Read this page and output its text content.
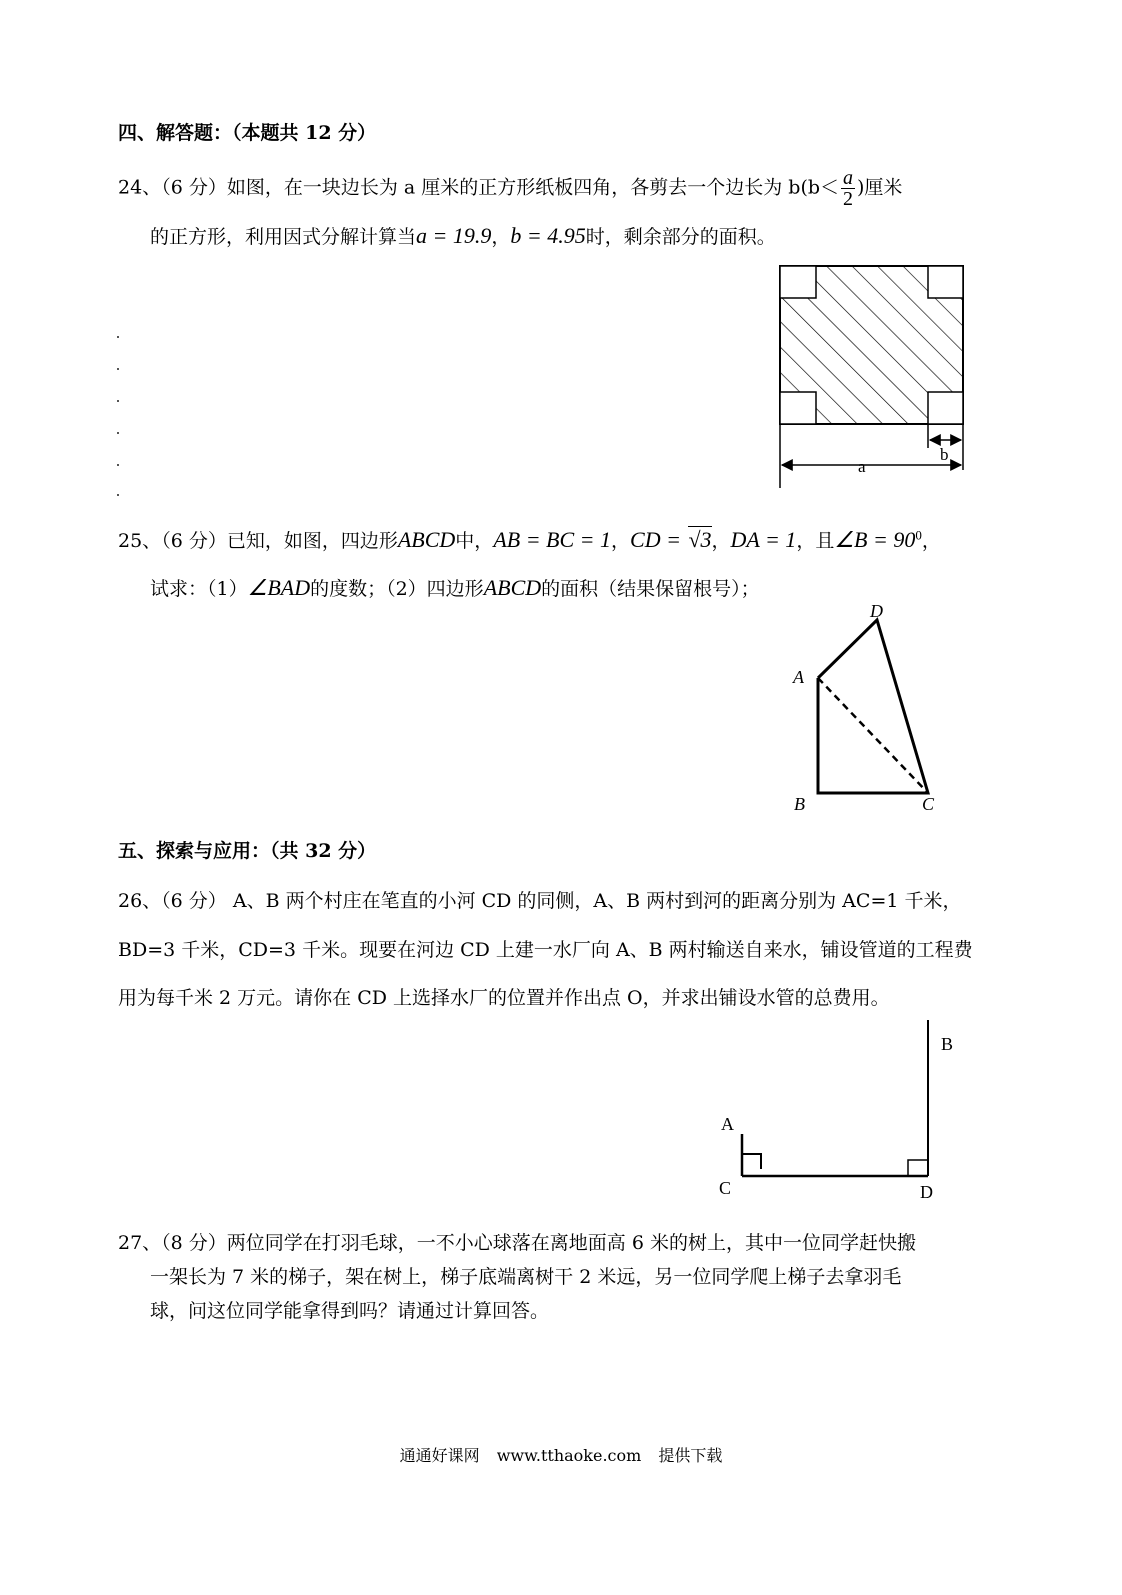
四、解答题：（本题共 12 分）
24、（6 分）如图，在一块边长为 a 厘米的正方形纸板四角，各剪去一个边长为 $b(b< \frac{a}{2}$ )厘米
的正方形，利用因式分解计算当a = 19.9，b = 4.95时，剩余部分的面积。
b
a
D
A
B	C
B
A
C	D
25、（6 分）已知，如图，四边形ABCD中，AB = BC = 1，CD = √3，DA = 1，且∠B = $90^0$，
试求：（1）∠BAD的度数；（2）四边形ABCD的面积（结果保留根号）；
五、探索与应用：（共 32 分）
26、（6 分） A、B 两个村庄在笔直的小河 CD 的同侧，A、B 两村到河的距离分别为 AC=1 千米，
BD=3 千米，CD=3 千米。现要在河边 CD 上建一水厂向 A、B 两村输送自来水，铺设管道的工程费
用为每千米 2 万元。请你在 CD 上选择水厂的位置并作出点 O，并求出铺设水管的总费用。
27、（8 分）两位同学在打羽毛球，一不小心球落在离地面高 6 米的树上，其中一位同学赶快搬
一架长为 7 米的梯子，架在树上，梯子底端离树干 2 米远，另一位同学爬上梯子去拿羽毛
球，问这位同学能拿得到吗？请通过计算回答。
通通好课网 www.tthaoke.com 提供下载
